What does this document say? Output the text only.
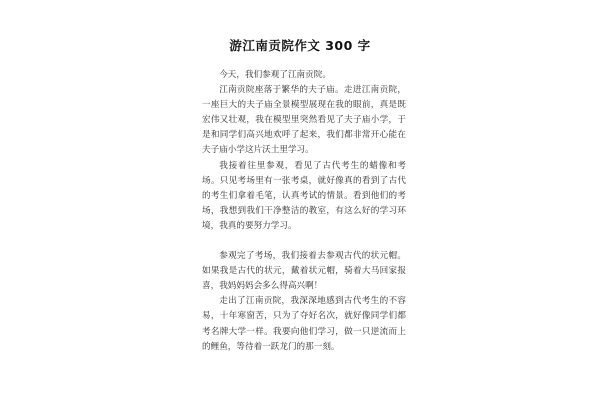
游江南贡院作文 300 字

今天，我们参观了江南贡院。

江南贡院座落于繁华的夫子庙。走进江南贡院，一座巨大的夫子庙全景模型展现在我的眼前，真是既宏伟又壮观，我在模型里突然看见了夫子庙小学，于是和同学们高兴地欢呼了起来，我们都非常开心能在夫子庙小学这片沃土里学习。

我接着往里参观，看见了古代考生的蜡像和考场。只见考场里有一张考桌，就好像真的看到了古代的考生们拿着毛笔，认真考试的情景。看到他们的考场，我想到我们干净整洁的教室，有这么好的学习环境，我真的要努力学习。

参观完了考场，我们接着去参观古代的状元帽。如果我是古代的状元，戴着状元帽，骑着大马回家报喜，我妈妈妈会多么得高兴啊！

走出了江南贡院，我深深地感到古代考生的不容易，十年寒窗苦，只为了夺好名次，就好像同学们都考名牌大学一样。我要向他们学习，做一只逆流而上的鲤鱼，等待着一跃龙门的那一刻。
